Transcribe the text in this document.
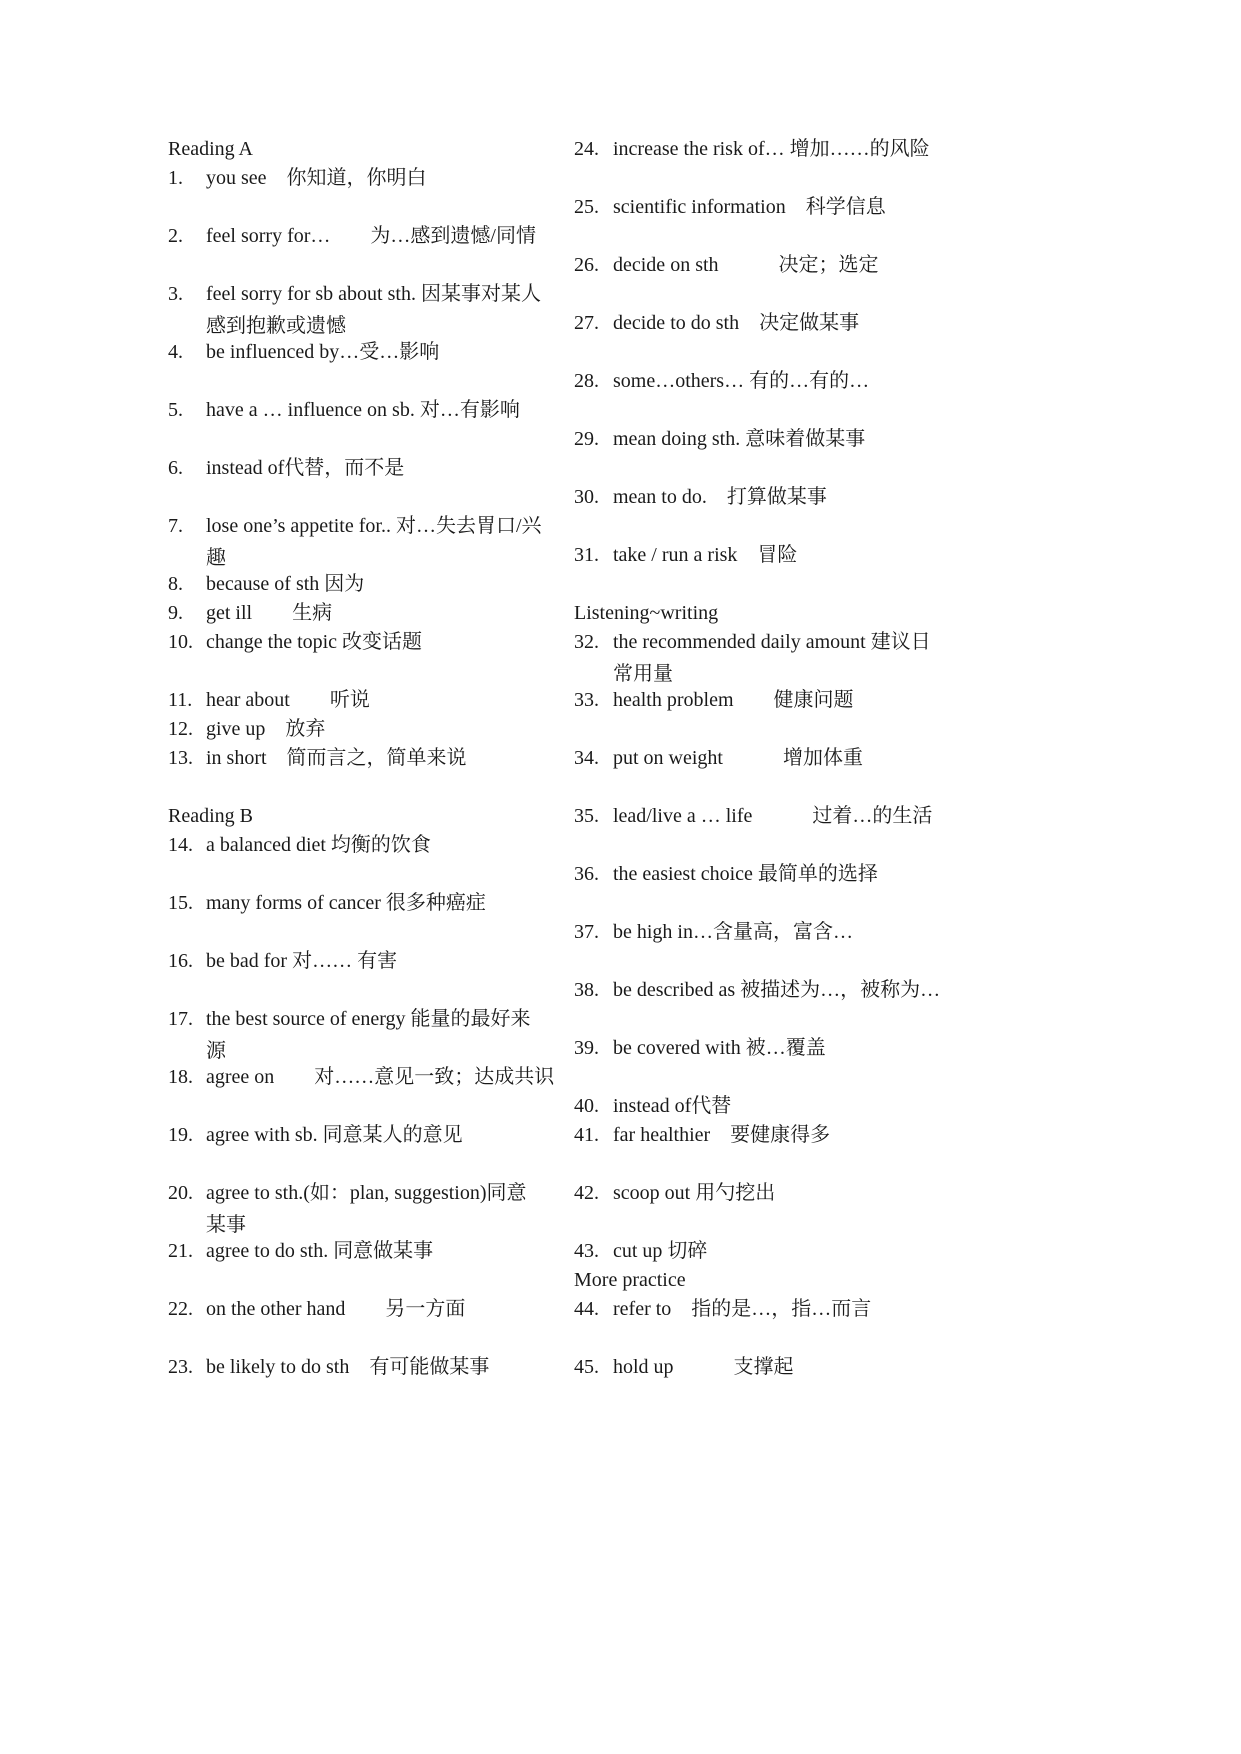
Reading A
1. you see　你知道，你明白
2. feel sorry for…　　为…感到遗憾/同情
3. feel sorry for sb about sth. 因某事对某人感到抱歉或遗憾
4. be influenced by…受…影响
5. have a … influence on sb. 对…有影响
6. instead of代替，而不是
7. lose one’s appetite for.. 对…失去胃口/兴趣
8. because of sth 因为
9. get ill　　生病
10. change the topic 改变话题
11. hear about　　听说
12. give up　放弃
13. in short　简而言之，简单来说
Reading B
14. a balanced diet 均衡的饮食
15. many forms of cancer 很多种癌症
16. be bad for 对…… 有害
17. the best source of energy 能量的最好来源
18. agree on　　对……意见一致；达成共识
19. agree with sb. 同意某人的意见
20. agree to sth.(如：plan, suggestion)同意某事
21. agree to do sth. 同意做某事
22. on the other hand　　另一方面
23. be likely to do sth　有可能做某事
24. increase the risk of… 增加……的风险
25. scientific information　科学信息
26. decide on sth　　　决定；选定
27. decide to do sth　决定做某事
28. some…others… 有的…有的…
29. mean doing sth. 意味着做某事
30. mean to do.　打算做某事
31. take / run a risk　冒险
Listening~writing
32. the recommended daily amount 建议日常用量
33. health problem　　健康问题
34. put on weight　　　增加体重
35. lead/live a … life　　　过着…的生活
36. the easiest choice 最简单的选择
37. be high in…含量高，富含…
38. be described as 被描述为…，被称为…
39. be covered with 被…覆盖
40. instead of代替
41. far healthier　要健康得多
42. scoop out 用勺挖出
43. cut up 切碎
More practice
44. refer to　指的是…，指…而言
45. hold up　　　支撑起
